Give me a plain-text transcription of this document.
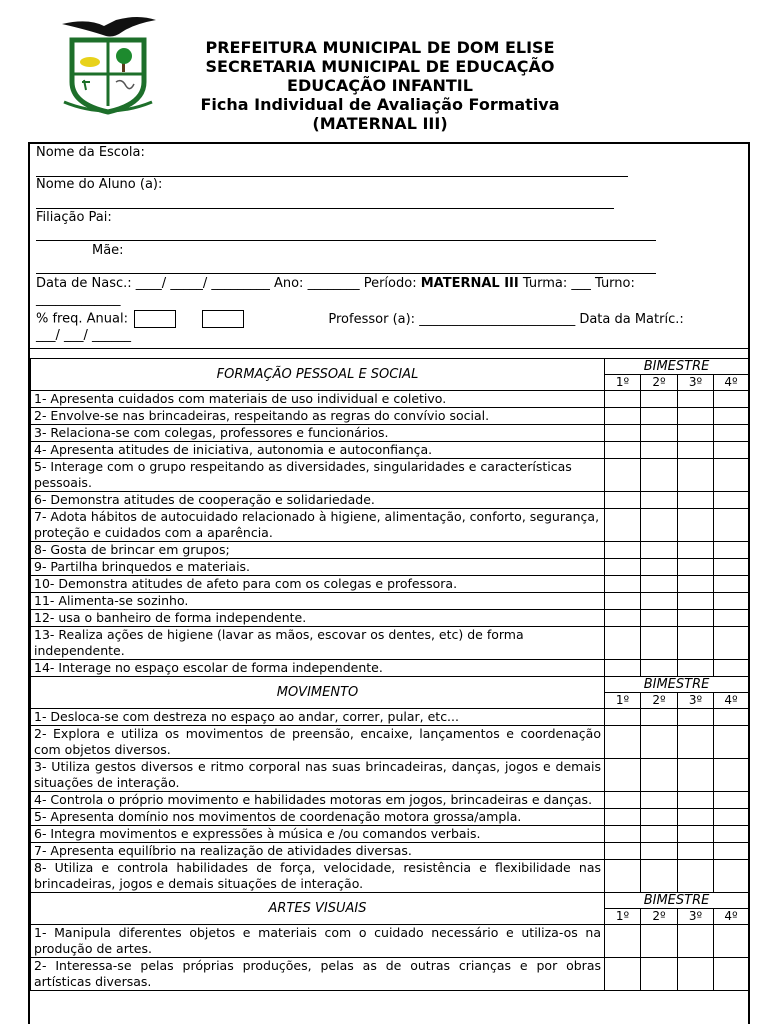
PREFEITURA MUNICIPAL DE DOM ELISE
SECRETARIA MUNICIPAL DE EDUCAÇÃO
EDUCAÇÃO INFANTIL
Ficha Individual de Avaliação Formativa
(MATERNAL III)
Nome da Escola:
Nome do Aluno (a):
Filiação Pai:
Mãe:
Data de Nasc.: ____/ _____/ _________ Ano: ________ Período: MATERNAL III Turma: ___ Turno:
_____________
% freq. Anual:	Professor (a): ________________________ Data da Matríc.:
___/ ___/ ______
FORMAÇÃO PESSOAL E SOCIAL	BIMESTRE			
	1º	2º	3º	4º
1- Apresenta cuidados com materiais de uso individual e coletivo.				
2- Envolve-se nas brincadeiras, respeitando as regras do convívio social.				
3- Relaciona-se com colegas, professores e funcionários.				
4- Apresenta atitudes de iniciativa, autonomia e autoconfiança.				
5- Interage com o grupo respeitando as diversidades, singularidades e características pessoais.				
6- Demonstra atitudes de cooperação e solidariedade.				
7- Adota hábitos de autocuidado relacionado à higiene, alimentação, conforto, segurança, proteção e cuidados com a aparência.				
8- Gosta de brincar em grupos;				
9- Partilha brinquedos e materiais.				
10- Demonstra atitudes de afeto para com os colegas e professora.				
11- Alimenta-se sozinho.				
12- usa o banheiro de forma independente.				
13- Realiza ações de higiene (lavar as mãos, escovar os dentes, etc) de forma independente.				
14- Interage no espaço escolar de forma independente.				
MOVIMENTO	BIMESTRE			
	1º	2º	3º	4º
1- Desloca-se com destreza no espaço ao andar, correr, pular, etc...				
2- Explora e utiliza os movimentos de preensão, encaixe, lançamentos e coordenação com objetos diversos.				
3- Utiliza gestos diversos e ritmo corporal nas suas brincadeiras, danças, jogos e demais situações de interação.				
4- Controla o próprio movimento e habilidades motoras em jogos, brincadeiras e danças.				
5- Apresenta domínio nos movimentos de coordenação motora grossa/ampla.				
6- Integra movimentos e expressões à música e /ou comandos verbais.				
7- Apresenta equilíbrio na realização de atividades diversas.				
8- Utiliza e controla habilidades de força, velocidade, resistência e flexibilidade nas brincadeiras, jogos e demais situações de interação.				
ARTES VISUAIS	BIMESTRE			
	1º	2º	3º	4º
1- Manipula diferentes objetos e materiais com o cuidado necessário e utiliza-os na produção de artes.				
2- Interessa-se pelas próprias produções, pelas as de outras crianças e por obras artísticas diversas.				
